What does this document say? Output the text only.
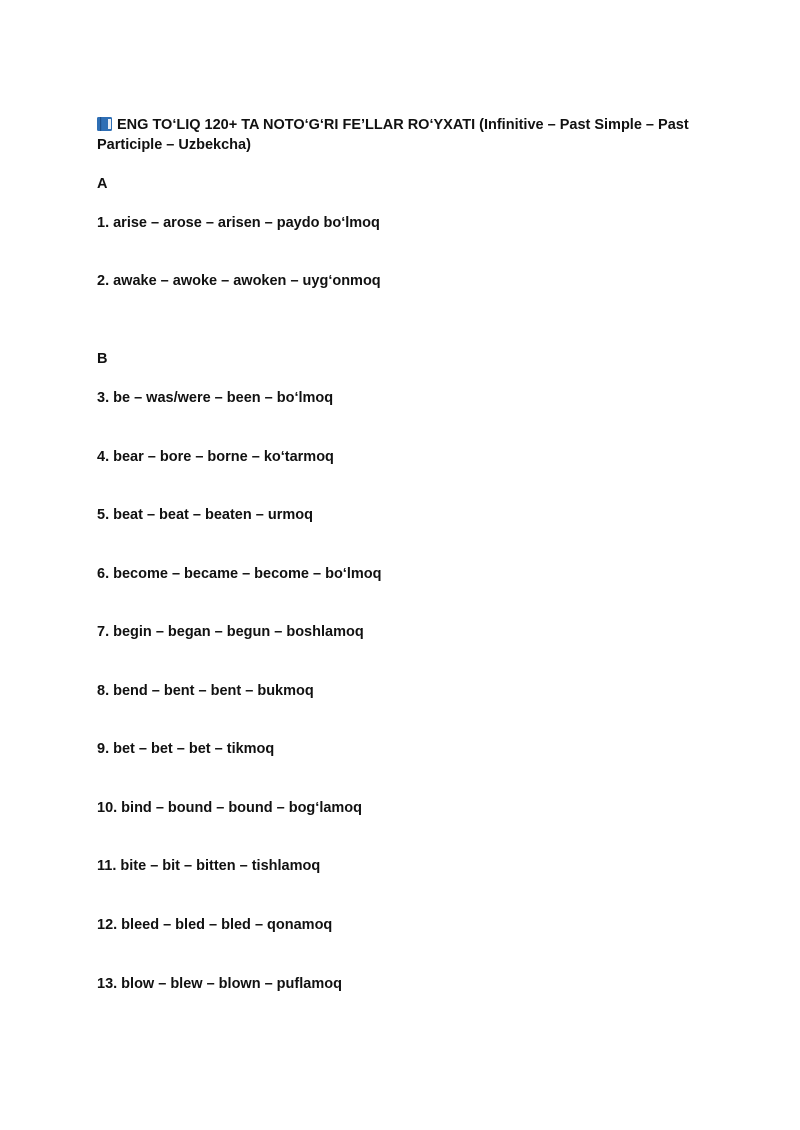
ENG TO‘LIQ 120+ TA NOTO‘G‘RI FE’LLAR RO‘YXATI (Infinitive – Past Simple – Past Participle – Uzbekcha)
A
1. arise – arose – arisen – paydo bo‘lmoq
2. awake – awoke – awoken – uyg‘onmoq
B
3. be – was/were – been – bo‘lmoq
4. bear – bore – borne – ko‘tarmoq
5. beat – beat – beaten – urmoq
6. become – became – become – bo‘lmoq
7. begin – began – begun – boshlamoq
8. bend – bent – bent – bukmoq
9. bet – bet – bet – tikmoq
10. bind – bound – bound – bog‘lamoq
11. bite – bit – bitten – tishlamoq
12. bleed – bled – bled – qonamoq
13. blow – blew – blown – puflamoq
